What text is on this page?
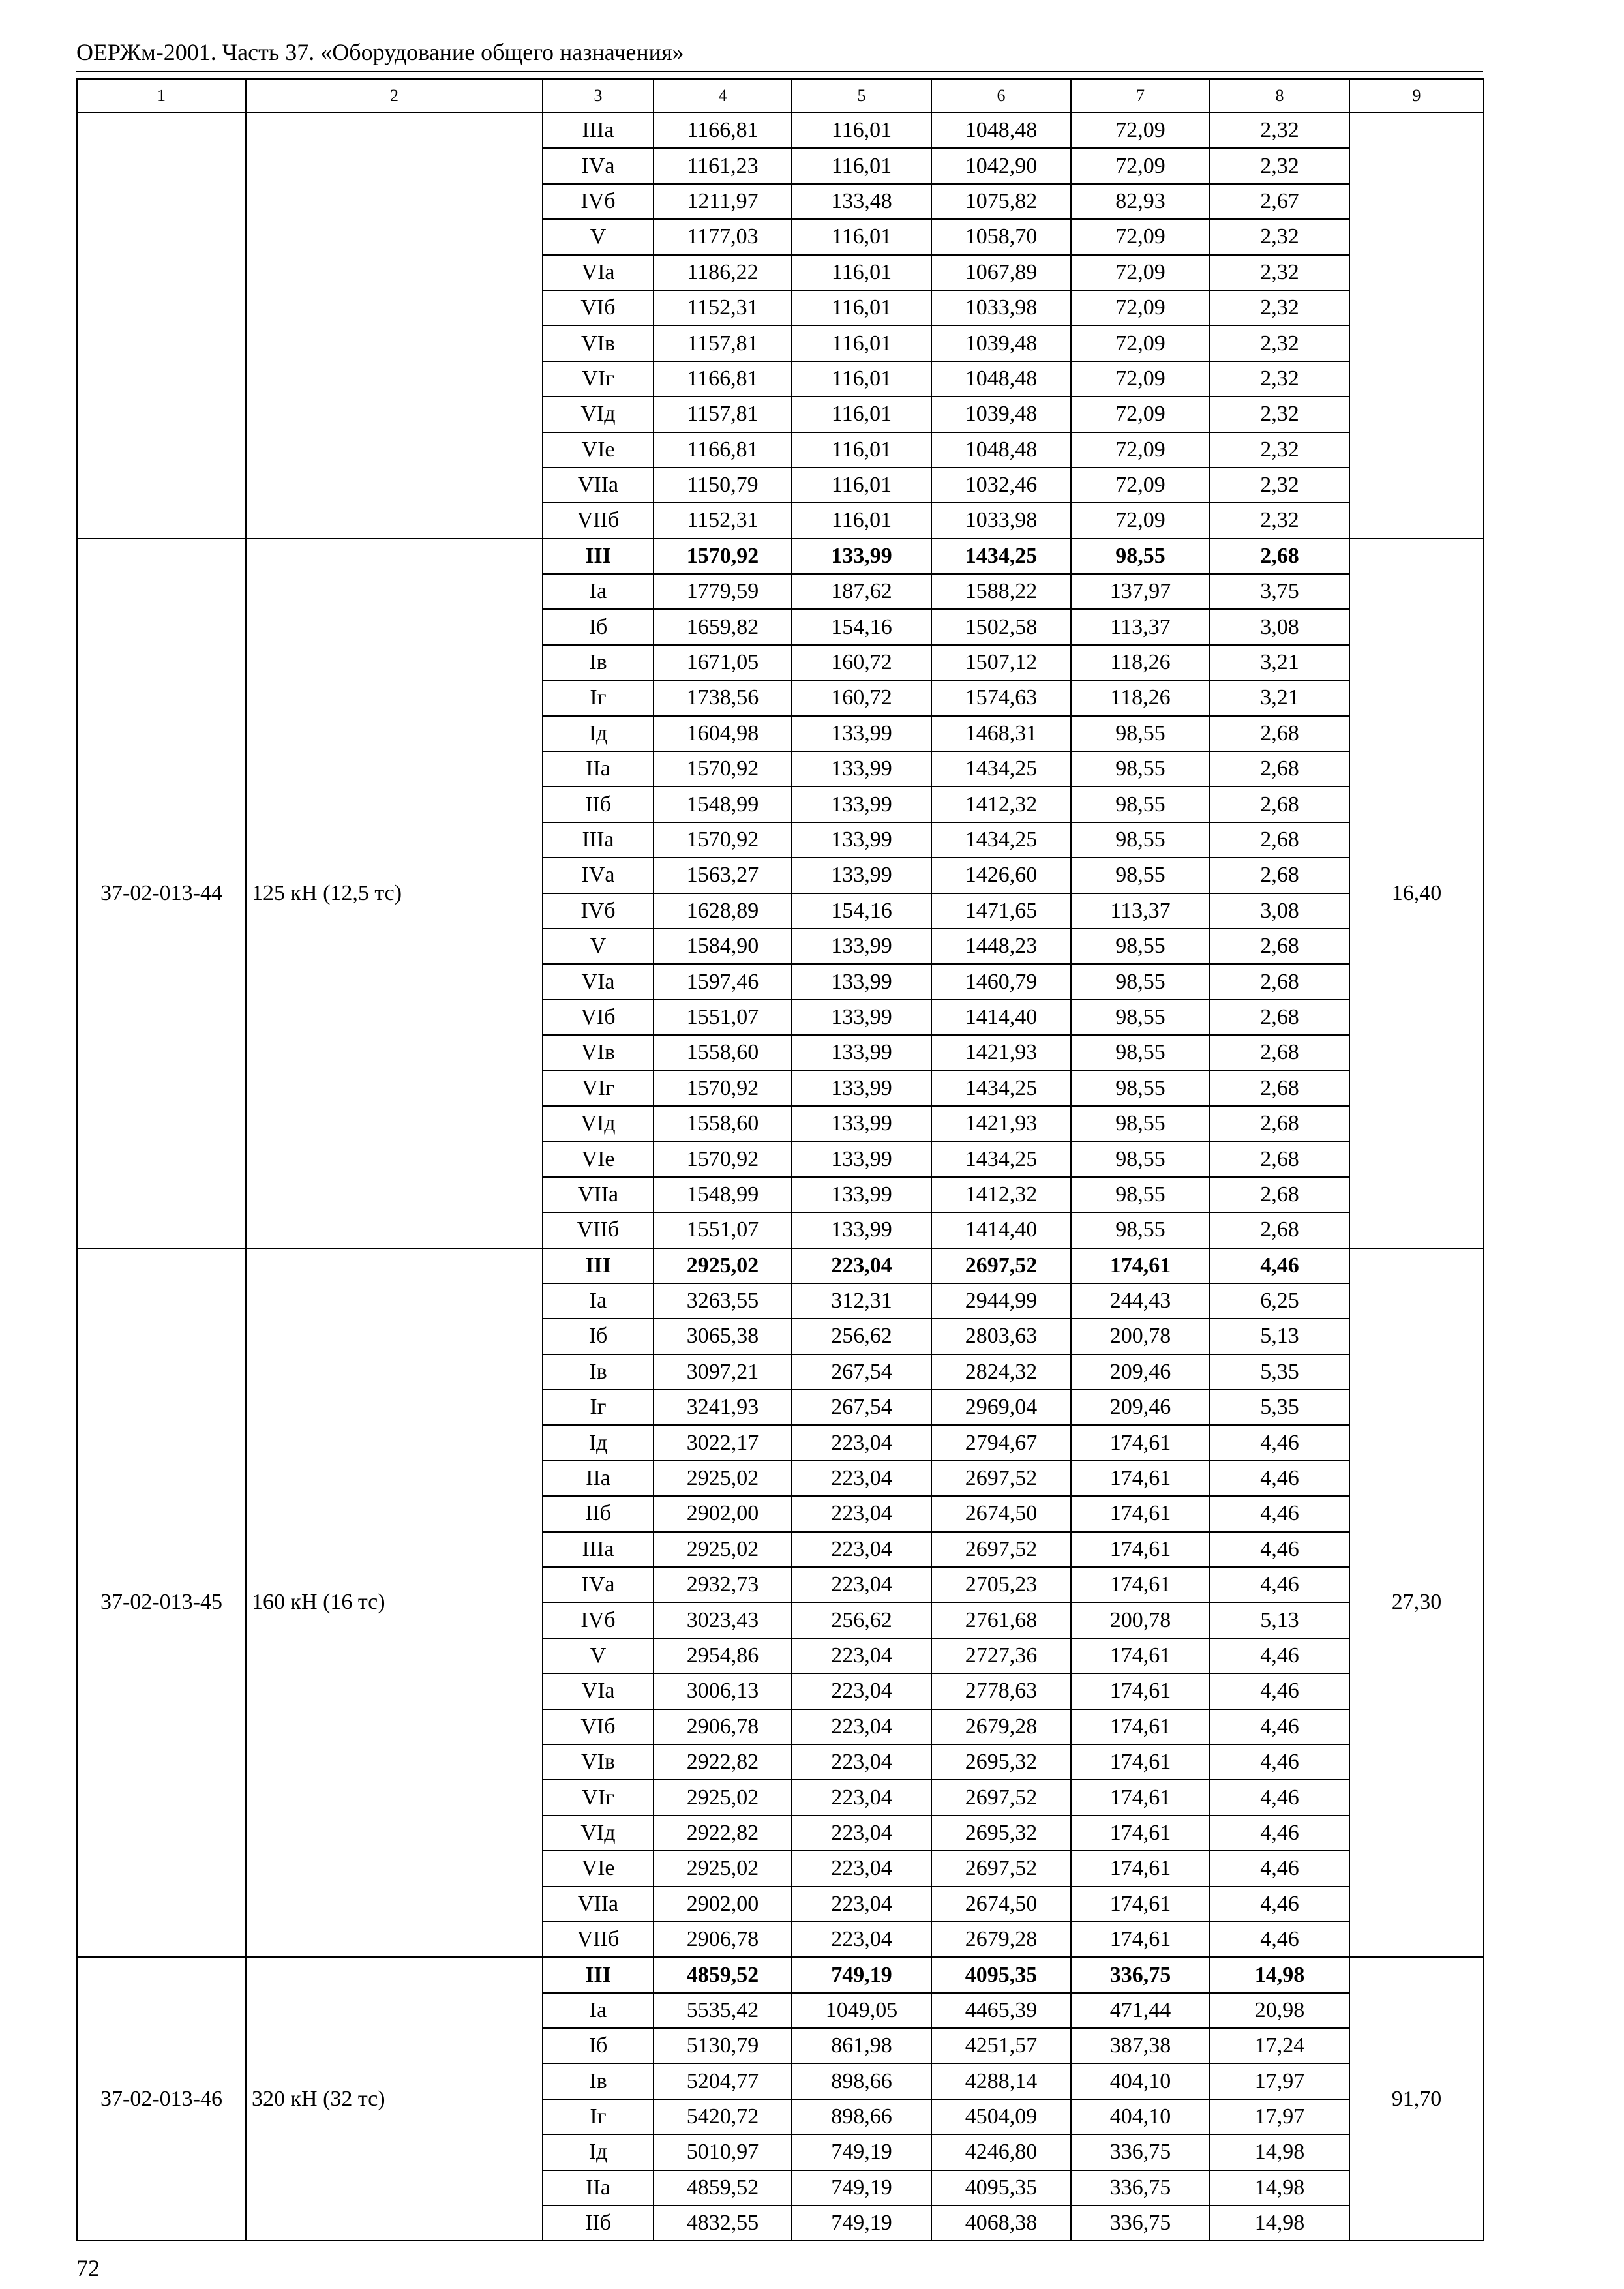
ОЕРЖм-2001. Часть 37. «Оборудование общего назначения»
1	2	3	4	5	6	7	8	9
		IIIа	1166,81	116,01	1048,48	72,09	2,32	
		IVа	1161,23	116,01	1042,90	72,09	2,32	
		IVб	1211,97	133,48	1075,82	82,93	2,67	
		V	1177,03	116,01	1058,70	72,09	2,32	
		VIа	1186,22	116,01	1067,89	72,09	2,32	
		VIб	1152,31	116,01	1033,98	72,09	2,32	
		VIв	1157,81	116,01	1039,48	72,09	2,32	
		VIг	1166,81	116,01	1048,48	72,09	2,32	
		VIд	1157,81	116,01	1039,48	72,09	2,32	
		VIе	1166,81	116,01	1048,48	72,09	2,32	
		VIIа	1150,79	116,01	1032,46	72,09	2,32	
		VIIб	1152,31	116,01	1033,98	72,09	2,32	
37-02-013-44	125 кН (12,5 тс)	III	1570,92	133,99	1434,25	98,55	2,68	16,40
		Iа	1779,59	187,62	1588,22	137,97	3,75	
		Iб	1659,82	154,16	1502,58	113,37	3,08	
		Iв	1671,05	160,72	1507,12	118,26	3,21	
		Iг	1738,56	160,72	1574,63	118,26	3,21	
		Iд	1604,98	133,99	1468,31	98,55	2,68	
		IIа	1570,92	133,99	1434,25	98,55	2,68	
		IIб	1548,99	133,99	1412,32	98,55	2,68	
		IIIа	1570,92	133,99	1434,25	98,55	2,68	
		IVа	1563,27	133,99	1426,60	98,55	2,68	
		IVб	1628,89	154,16	1471,65	113,37	3,08	
		V	1584,90	133,99	1448,23	98,55	2,68	
		VIа	1597,46	133,99	1460,79	98,55	2,68	
		VIб	1551,07	133,99	1414,40	98,55	2,68	
		VIв	1558,60	133,99	1421,93	98,55	2,68	
		VIг	1570,92	133,99	1434,25	98,55	2,68	
		VIд	1558,60	133,99	1421,93	98,55	2,68	
		VIе	1570,92	133,99	1434,25	98,55	2,68	
		VIIа	1548,99	133,99	1412,32	98,55	2,68	
		VIIб	1551,07	133,99	1414,40	98,55	2,68	
37-02-013-45	160 кН (16 тс)	III	2925,02	223,04	2697,52	174,61	4,46	27,30
		Iа	3263,55	312,31	2944,99	244,43	6,25	
		Iб	3065,38	256,62	2803,63	200,78	5,13	
		Iв	3097,21	267,54	2824,32	209,46	5,35	
		Iг	3241,93	267,54	2969,04	209,46	5,35	
		Iд	3022,17	223,04	2794,67	174,61	4,46	
		IIа	2925,02	223,04	2697,52	174,61	4,46	
		IIб	2902,00	223,04	2674,50	174,61	4,46	
		IIIа	2925,02	223,04	2697,52	174,61	4,46	
		IVа	2932,73	223,04	2705,23	174,61	4,46	
		IVб	3023,43	256,62	2761,68	200,78	5,13	
		V	2954,86	223,04	2727,36	174,61	4,46	
		VIа	3006,13	223,04	2778,63	174,61	4,46	
		VIб	2906,78	223,04	2679,28	174,61	4,46	
		VIв	2922,82	223,04	2695,32	174,61	4,46	
		VIг	2925,02	223,04	2697,52	174,61	4,46	
		VIд	2922,82	223,04	2695,32	174,61	4,46	
		VIе	2925,02	223,04	2697,52	174,61	4,46	
		VIIа	2902,00	223,04	2674,50	174,61	4,46	
		VIIб	2906,78	223,04	2679,28	174,61	4,46	
37-02-013-46	320 кН (32 тс)	III	4859,52	749,19	4095,35	336,75	14,98	91,70
		Iа	5535,42	1049,05	4465,39	471,44	20,98	
		Iб	5130,79	861,98	4251,57	387,38	17,24	
		Iв	5204,77	898,66	4288,14	404,10	17,97	
		Iг	5420,72	898,66	4504,09	404,10	17,97	
		Iд	5010,97	749,19	4246,80	336,75	14,98	
		IIа	4859,52	749,19	4095,35	336,75	14,98	
		IIб	4832,55	749,19	4068,38	336,75	14,98	
72
